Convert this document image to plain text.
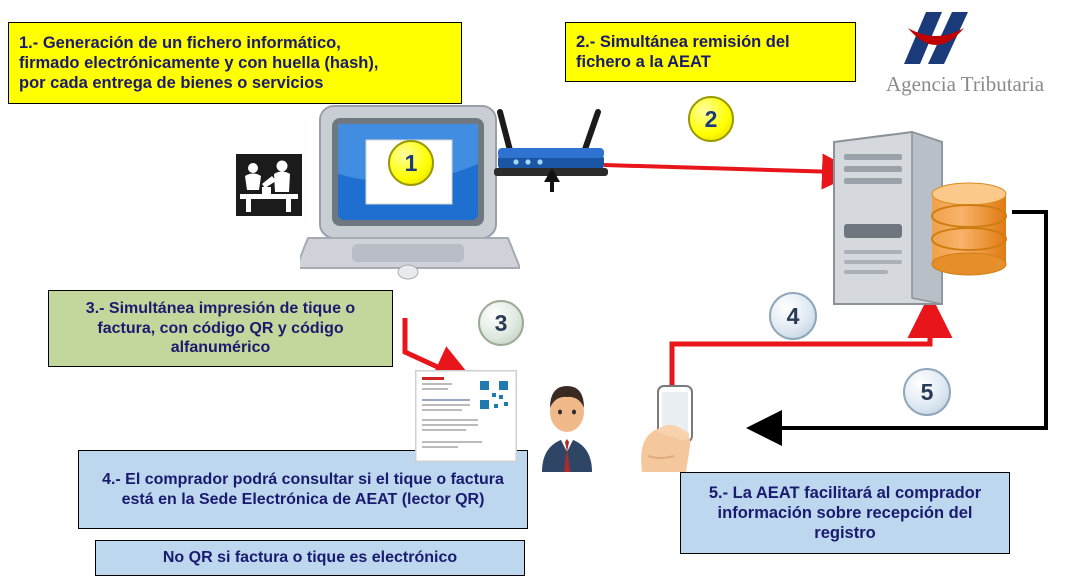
1.- Generación de un fichero informático,
firmado electrónicamente y con huella (hash),
por cada entrega de bienes o servicios
2.- Simultánea remisión del fichero a la AEAT
3.- Simultánea impresión de tique o factura, con código QR y código alfanumérico
4.- El comprador podrá consultar si el tique o factura está en la Sede Electrónica de AEAT (lector QR)	5.- La AEAT facilitará al comprador información sobre recepción del registro
No QR si factura o tique es electrónico
Agencia Tributaria
1
2
3	4
5
